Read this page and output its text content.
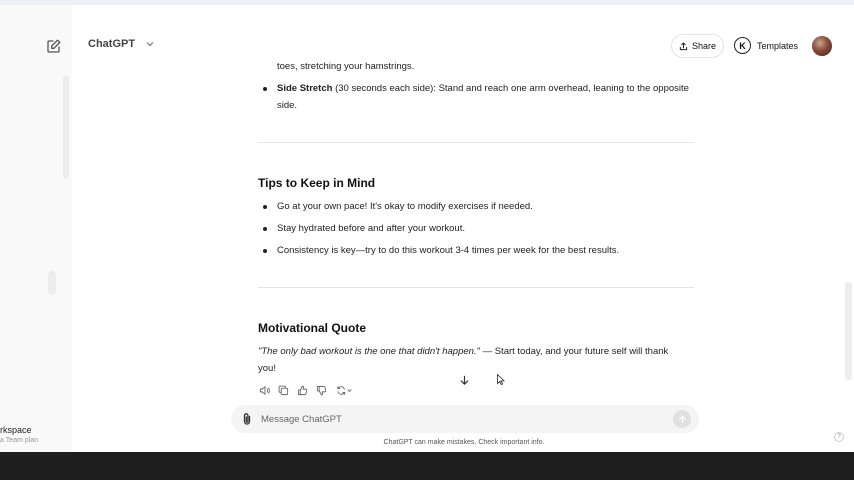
rkspace
a Team plan
ChatGPT	Share	K	Templates
toes, stretching your hamstrings.
Side Stretch (30 seconds each side): Stand and reach one arm overhead, leaning to the opposite side.
Tips to Keep in Mind
Go at your own pace! It's okay to modify exercises if needed.
Stay hydrated before and after your workout.
Consistency is key—try to do this workout 3-4 times per week for the best results.
Motivational Quote
"The only bad workout is the one that didn't happen." — Start today, and your future self will thank you!
Message ChatGPT
ChatGPT can make mistakes. Check important info.
?
